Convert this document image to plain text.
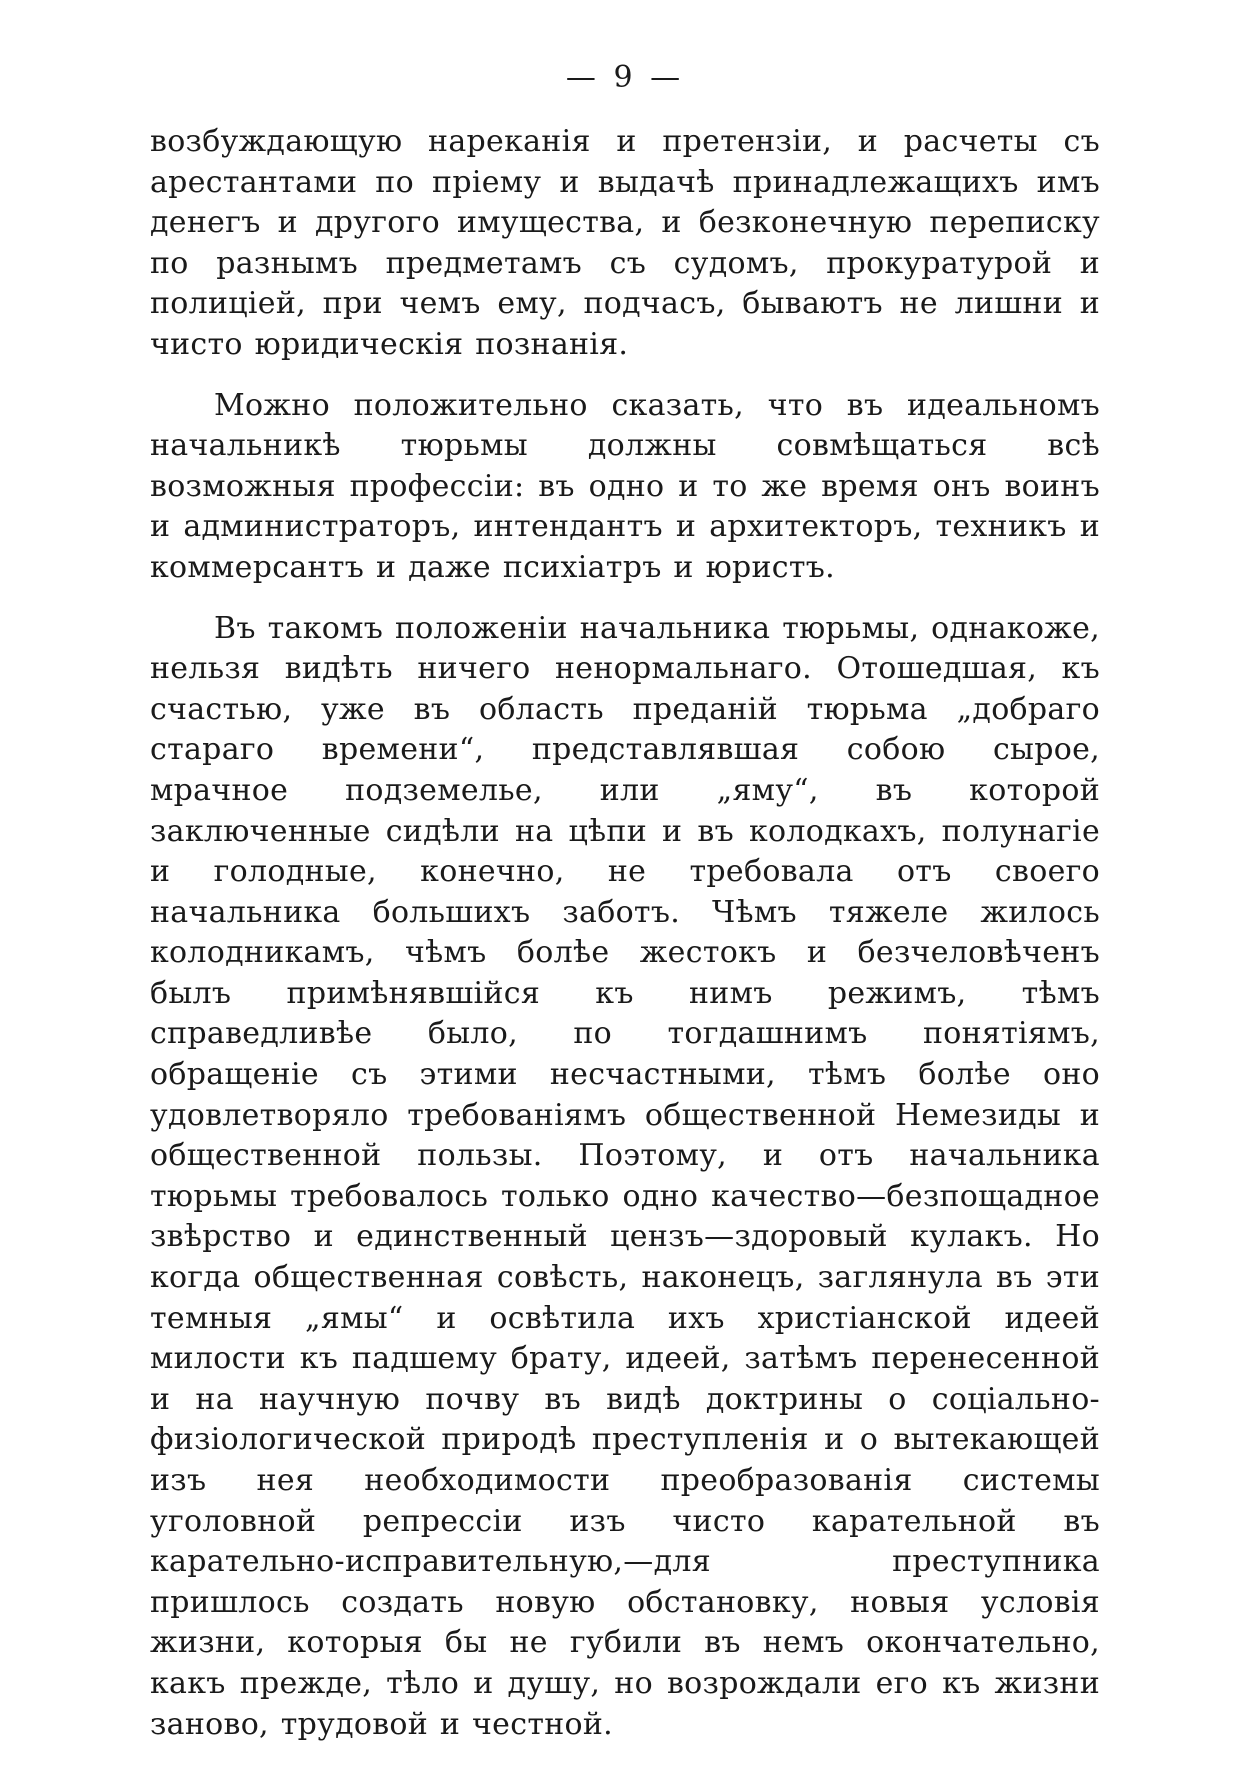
— 9 —

возбуждающую нареканія и претензіи, и расчеты съ арестантами по пріему и выдачѣ принадлежащихъ имъ денегъ и другого имущества, и безконечную переписку по разнымъ предметамъ съ судомъ, прокуратурой и полиціей, при чемъ ему, подчасъ, бываютъ не лишни и чисто юридическія познанія.

Можно положительно сказать, что въ идеальномъ начальникѣ тюрьмы должны совмѣщаться всѣ возможныя профессіи: въ одно и то же время онъ воинъ и администраторъ, интендантъ и архитекторъ, техникъ и коммерсантъ и даже психіатръ и юристъ.

Въ такомъ положеніи начальника тюрьмы, однакоже, нельзя видѣть ничего ненормальнаго. Отошедшая, къ счастью, уже въ область преданій тюрьма „добраго стараго времени“, представлявшая собою сырое, мрачное подземелье, или „яму“, въ которой заключенные сидѣли на цѣпи и въ колодкахъ, полунагіе и голодные, конечно, не требовала отъ своего начальника большихъ заботъ. Чѣмъ тяжеле жилось колодникамъ, чѣмъ болѣе жестокъ и безчеловѣченъ былъ примѣнявшійся къ нимъ режимъ, тѣмъ справедливѣе было, по тогдашнимъ понятіямъ, обращеніе съ этими несчастными, тѣмъ болѣе оно удовлетворяло требованіямъ общественной Немезиды и общественной пользы. Поэтому, и отъ начальника тюрьмы требовалось только одно качество—безпощадное звѣрство и единственный цензъ—здоровый кулакъ. Но когда общественная совѣсть, наконецъ, заглянула въ эти темныя „ямы“ и освѣтила ихъ христіанской идеей милости къ падшему брату, идеей, затѣмъ перенесенной и на научную почву въ видѣ доктрины о соціально-физіологической природѣ преступленія и о вытекающей изъ нея необходимости преобразованія системы уголовной репрессіи изъ чисто карательной въ карательно-исправительную,—для преступника пришлось создать новую обстановку, новыя условія жизни, которыя бы не губили въ немъ окончательно, какъ прежде, тѣло и душу, но возрождали его къ жизни заново, трудовой и честной.
